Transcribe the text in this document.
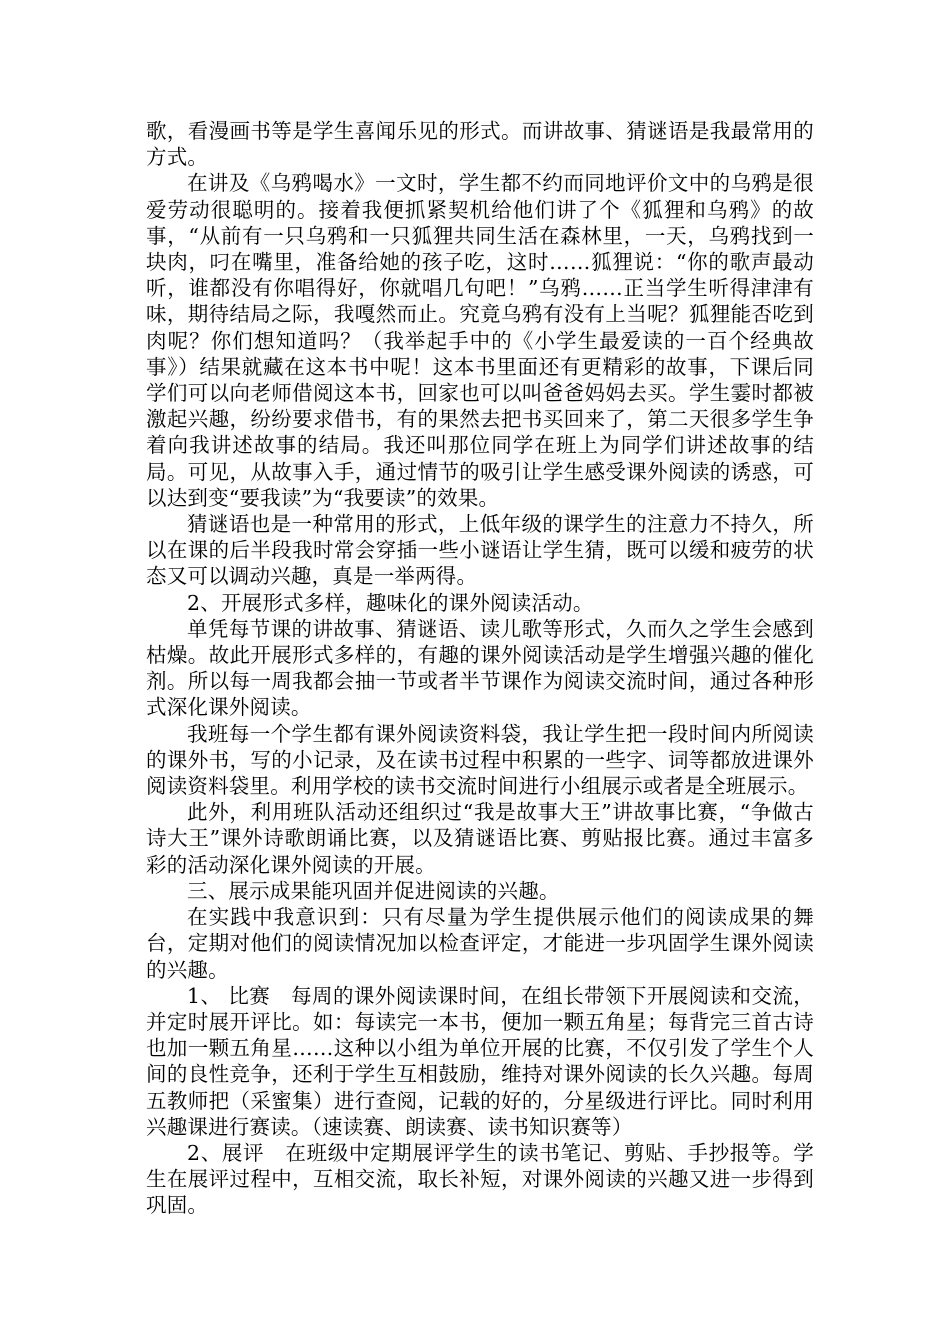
歌，看漫画书等是学生喜闻乐见的形式。而讲故事、猜谜语是我最常用的方式。

在讲及《乌鸦喝水》一文时，学生都不约而同地评价文中的乌鸦是很爱劳动很聪明的。接着我便抓紧契机给他们讲了个《狐狸和乌鸦》的故事，“从前有一只乌鸦和一只狐狸共同生活在森林里，一天，乌鸦找到一块肉，叼在嘴里，准备给她的孩子吃，这时……狐狸说：“你的歌声最动听，谁都没有你唱得好，你就唱几句吧！”乌鸦……正当学生听得津津有味，期待结局之际，我嘎然而止。究竟乌鸦有没有上当呢？狐狸能否吃到肉呢？你们想知道吗？（我举起手中的《小学生最爱读的一百个经典故事》）结果就藏在这本书中呢！这本书里面还有更精彩的故事，下课后同学们可以向老师借阅这本书，回家也可以叫爸爸妈妈去买。学生霎时都被激起兴趣，纷纷要求借书，有的果然去把书买回来了，第二天很多学生争着向我讲述故事的结局。我还叫那位同学在班上为同学们讲述故事的结局。可见，从故事入手，通过情节的吸引让学生感受课外阅读的诱惑，可以达到变“要我读”为“我要读”的效果。

猜谜语也是一种常用的形式，上低年级的课学生的注意力不持久，所以在课的后半段我时常会穿插一些小谜语让学生猜，既可以缓和疲劳的状态又可以调动兴趣，真是一举两得。

2、开展形式多样，趣味化的课外阅读活动。

单凭每节课的讲故事、猜谜语、读儿歌等形式，久而久之学生会感到枯燥。故此开展形式多样的，有趣的课外阅读活动是学生增强兴趣的催化剂。所以每一周我都会抽一节或者半节课作为阅读交流时间，通过各种形式深化课外阅读。

我班每一个学生都有课外阅读资料袋，我让学生把一段时间内所阅读的课外书，写的小记录，及在读书过程中积累的一些字、词等都放进课外阅读资料袋里。利用学校的读书交流时间进行小组展示或者是全班展示。

此外，利用班队活动还组织过“我是故事大王”讲故事比赛，“争做古诗大王”课外诗歌朗诵比赛，以及猜谜语比赛、剪贴报比赛。通过丰富多彩的活动深化课外阅读的开展。

三、展示成果能巩固并促进阅读的兴趣。

在实践中我意识到：只有尽量为学生提供展示他们的阅读成果的舞台，定期对他们的阅读情况加以检查评定，才能进一步巩固学生课外阅读的兴趣。

1、 比赛　每周的课外阅读课时间，在组长带领下开展阅读和交流，并定时展开评比。如：每读完一本书，便加一颗五角星；每背完三首古诗也加一颗五角星……这种以小组为单位开展的比赛，不仅引发了学生个人间的良性竞争，还利于学生互相鼓励，维持对课外阅读的长久兴趣。每周五教师把（采蜜集）进行查阅，记载的好的，分星级进行评比。同时利用兴趣课进行赛读。（速读赛、朗读赛、读书知识赛等）

2、展评　在班级中定期展评学生的读书笔记、剪贴、手抄报等。学生在展评过程中，互相交流，取长补短，对课外阅读的兴趣又进一步得到巩固。
